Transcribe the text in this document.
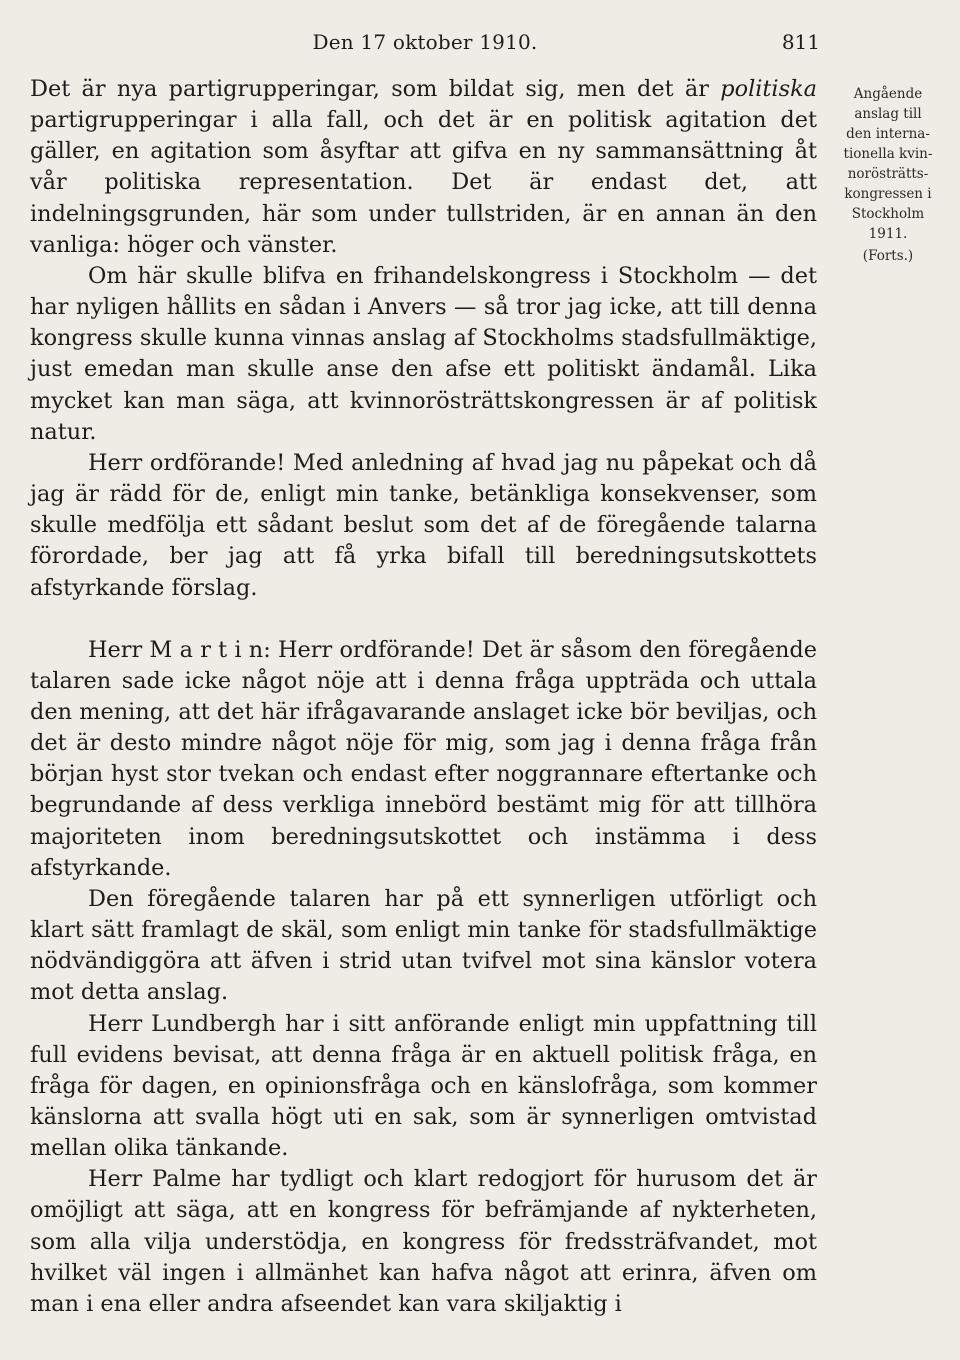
Den 17 oktober 1910.	811

Det är nya partigrupperingar, som bildat sig, men det är politiska partigrupperingar i alla fall, och det är en politisk agitation det gäller, en agitation som åsyftar att gifva en ny sammansättning åt vår politiska representation. Det är endast det, att indelningsgrunden, här som under tullstriden, är en annan än den vanliga: höger och vänster.

Om här skulle blifva en frihandelskongress i Stockholm — det har nyligen hållits en sådan i Anvers — så tror jag icke, att till denna kongress skulle kunna vinnas anslag af Stockholms stadsfullmäktige, just emedan man skulle anse den afse ett politiskt ändamål. Lika mycket kan man säga, att kvinnorösträttskongressen är af politisk natur.

Herr ordförande! Med anledning af hvad jag nu påpekat och då jag är rädd för de, enligt min tanke, betänkliga konsekvenser, som skulle medfölja ett sådant beslut som det af de föregående talarna förordade, ber jag att få yrka bifall till beredningsutskottets afstyrkande förslag.

Herr M a r t i n: Herr ordförande! Det är såsom den föregående talaren sade icke något nöje att i denna fråga uppträda och uttala den mening, att det här ifrågavarande anslaget icke bör beviljas, och det är desto mindre något nöje för mig, som jag i denna fråga från början hyst stor tvekan och endast efter noggrannare eftertanke och begrundande af dess verkliga innebörd bestämt mig för att tillhöra majoriteten inom beredningsutskottet och instämma i dess afstyrkande.

Den föregående talaren har på ett synnerligen utförligt och klart sätt framlagt de skäl, som enligt min tanke för stadsfullmäktige nödvändiggöra att äfven i strid utan tvifvel mot sina känslor votera mot detta anslag.

Herr Lundbergh har i sitt anförande enligt min uppfattning till full evidens bevisat, att denna fråga är en aktuell politisk fråga, en fråga för dagen, en opinionsfråga och en känslofråga, som kommer känslorna att svalla högt uti en sak, som är synnerligen omtvistad mellan olika tänkande.

Herr Palme har tydligt och klart redogjort för hurusom det är omöjligt att säga, att en kongress för befrämjande af nykterheten, som alla vilja understödja, en kongress för fredssträfvandet, mot hvilket väl ingen i allmänhet kan hafva något att erinra, äfven om man i ena eller andra afseendet kan vara skiljaktig i

Angående
anslag till
den interna-
tionella kvin-
norösträtts-
kongressen i
Stockholm
1911.
(Forts.)
